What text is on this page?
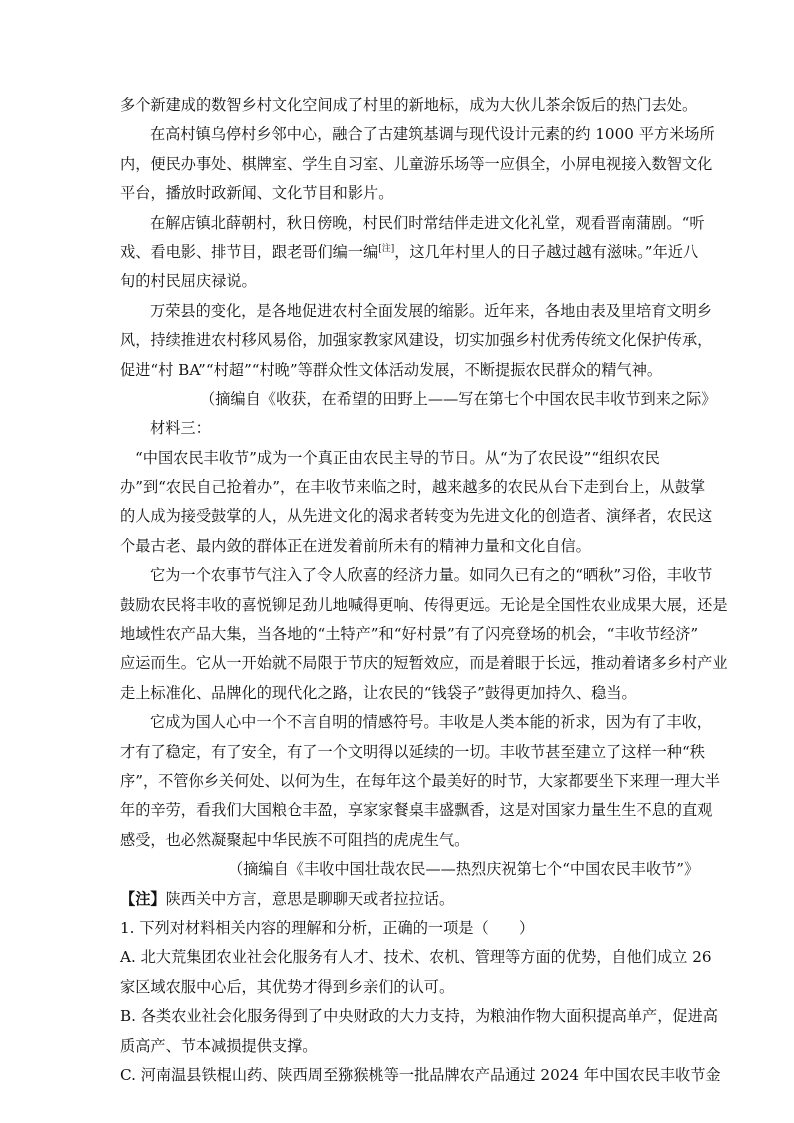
多个新建成的数智乡村文化空间成了村里的新地标，成为大伙儿茶余饭后的热门去处。
在高村镇乌停村乡邻中心，融合了古建筑基调与现代设计元素的约 1000 平方米场所
内，便民办事处、棋牌室、学生自习室、儿童游乐场等一应俱全，小屏电视接入数智文化
平台，播放时政新闻、文化节目和影片。
在解店镇北薛朝村，秋日傍晚，村民们时常结伴走进文化礼堂，观看晋南蒲剧。“听
戏、看电影、排节目，跟老哥们编一编[注]，这几年村里人的日子越过越有滋味。”年近八
旬的村民屈庆禄说。
万荣县的变化，是各地促进农村全面发展的缩影。近年来，各地由表及里培育文明乡
风，持续推进农村移风易俗，加强家教家风建设，切实加强乡村优秀传统文化保护传承，
促进“村 BA”“村超”“村晚”等群众性文体活动发展，不断提振农民群众的精气神。
（摘编自《收获，在希望的田野上——写在第七个中国农民丰收节到来之际》
材料三：
“中国农民丰收节”成为一个真正由农民主导的节日。从“为了农民设”“组织农民
办”到“农民自己抢着办”，在丰收节来临之时，越来越多的农民从台下走到台上，从鼓掌
的人成为接受鼓掌的人，从先进文化的渴求者转变为先进文化的创造者、演绎者，农民这
个最古老、最内敛的群体正在迸发着前所未有的精神力量和文化自信。
它为一个农事节气注入了令人欣喜的经济力量。如同久已有之的“晒秋”习俗，丰收节
鼓励农民将丰收的喜悦铆足劲儿地喊得更响、传得更远。无论是全国性农业成果大展，还是
地域性农产品大集，当各地的“土特产”和“好村景”有了闪亮登场的机会，“丰收节经济”
应运而生。它从一开始就不局限于节庆的短暂效应，而是着眼于长远，推动着诸多乡村产业
走上标准化、品牌化的现代化之路，让农民的“钱袋子”鼓得更加持久、稳当。
它成为国人心中一个不言自明的情感符号。丰收是人类本能的祈求，因为有了丰收，
才有了稳定，有了安全，有了一个文明得以延续的一切。丰收节甚至建立了这样一种“秩
序”，不管你乡关何处、以何为生，在每年这个最美好的时节，大家都要坐下来理一理大半
年的辛劳，看我们大国粮仓丰盈，享家家餐桌丰盛飘香，这是对国家力量生生不息的直观
感受，也必然凝聚起中华民族不可阻挡的虎虎生气。
（摘编自《丰收中国壮哉农民——热烈庆祝第七个“中国农民丰收节”》
【注】陕西关中方言，意思是聊聊天或者拉拉话。
1. 下列对材料相关内容的理解和分析，正确的一项是（　　）
A. 北大荒集团农业社会化服务有人才、技术、农机、管理等方面的优势，自他们成立 26
家区域农服中心后，其优势才得到乡亲们的认可。
B. 各类农业社会化服务得到了中央财政的大力支持，为粮油作物大面积提高单产，促进高
质高产、节本减损提供支撑。
C. 河南温县铁棍山药、陕西周至猕猴桃等一批品牌农产品通过 2024 年中国农民丰收节金
